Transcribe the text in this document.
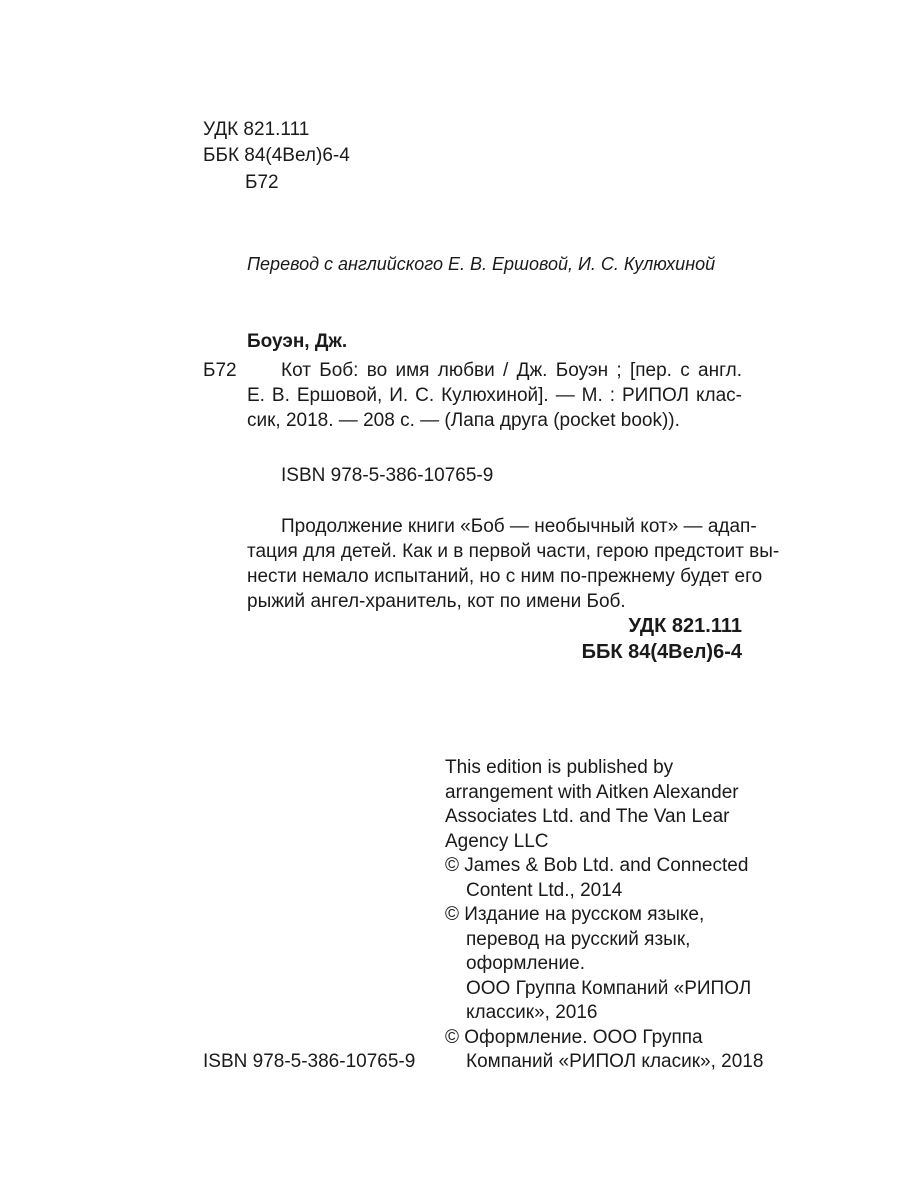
УДК 821.111
ББК 84(4Вел)6-4
Б72
Перевод с английского Е. В. Ершовой, И. С. Кулюхиной
Боуэн, Дж.
Б72 Кот Боб: во имя любви / Дж. Боуэн ; [пер. с англ.
Е. В. Ершовой, И. С. Кулюхиной]. — М. : РИПОЛ клас-
сик, 2018. — 208 с. — (Лапа друга (pocket book)).
ISBN 978-5-386-10765-9
Продолжение книги «Боб — необычный кот» — адап-
тация для детей. Как и в первой части, герою предстоит вы-
нести немало испытаний, но с ним по-прежнему будет его
рыжий ангел-хранитель, кот по имени Боб.
УДК 821.111
ББК 84(4Вел)6-4
This edition is published by
arrangement with Aitken Alexander
Associates Ltd. and The Van Lear
Agency LLC
© James & Bob Ltd. and Connected
Content Ltd., 2014
© Издание на русском языке,
перевод на русский язык,
оформление.
ООО Группа Компаний «РИПОЛ
классик», 2016
© Оформление. ООО Группа
Компаний «РИПОЛ класик», 2018
ISBN 978-5-386-10765-9
